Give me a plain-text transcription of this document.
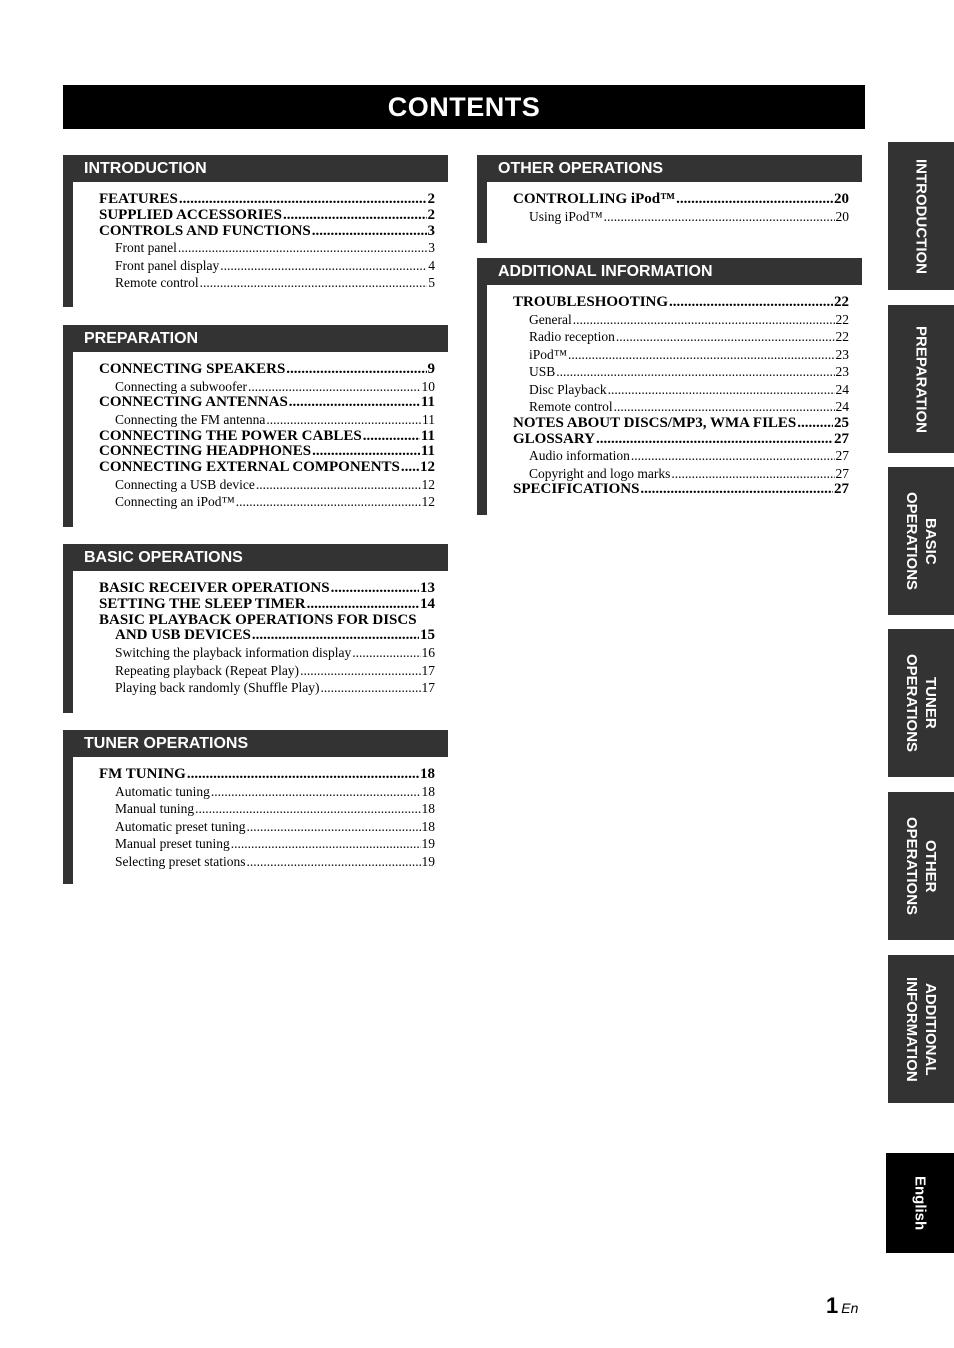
CONTENTS
INTRODUCTION
FEATURES .....	2
SUPPLIED ACCESSORIES .....	2
CONTROLS AND FUNCTIONS .....	3
Front panel .....	3
Front panel display .....	4
Remote control .....	5
PREPARATION
CONNECTING SPEAKERS .....	9
Connecting a subwoofer .....	10
CONNECTING ANTENNAS .....	11
Connecting the FM antenna .....	11
CONNECTING THE POWER CABLES .....	11
CONNECTING HEADPHONES .....	11
CONNECTING EXTERNAL COMPONENTS ..... 12
Connecting a USB device .....	12
Connecting an iPod™ .....	12
BASIC OPERATIONS
BASIC RECEIVER OPERATIONS .....	13
SETTING THE SLEEP TIMER .....	14
BASIC PLAYBACK OPERATIONS FOR DISCS
AND USB DEVICES .....	15
Switching the playback information display .....	16
Repeating playback (Repeat Play) .....	17
Playing back randomly (Shuffle Play) .....	17
TUNER OPERATIONS
FM TUNING .....	18
Automatic tuning .....	18
Manual tuning .....	18
Automatic preset tuning .....	18
Manual preset tuning .....	19
Selecting preset stations .....	19
OTHER OPERATIONS
CONTROLLING iPod™ .....	20
Using iPod™ .....	20
ADDITIONAL INFORMATION
TROUBLESHOOTING .....	22
General .....	22
Radio reception .....	22
iPod™ .....	23
USB .....	23
Disc Playback .....	24
Remote control .....	24
NOTES ABOUT DISCS/MP3, WMA FILES .....	25
GLOSSARY .....	27
Audio information .....	27
Copyright and logo marks .....	27
SPECIFICATIONS .....	27
INTRODUCTION
PREPARATION
BASIC
OPERATIONS
TUNER
OPERATIONS
OTHER
OPERATIONS
ADDITIONAL
INFORMATION
English
1 En
